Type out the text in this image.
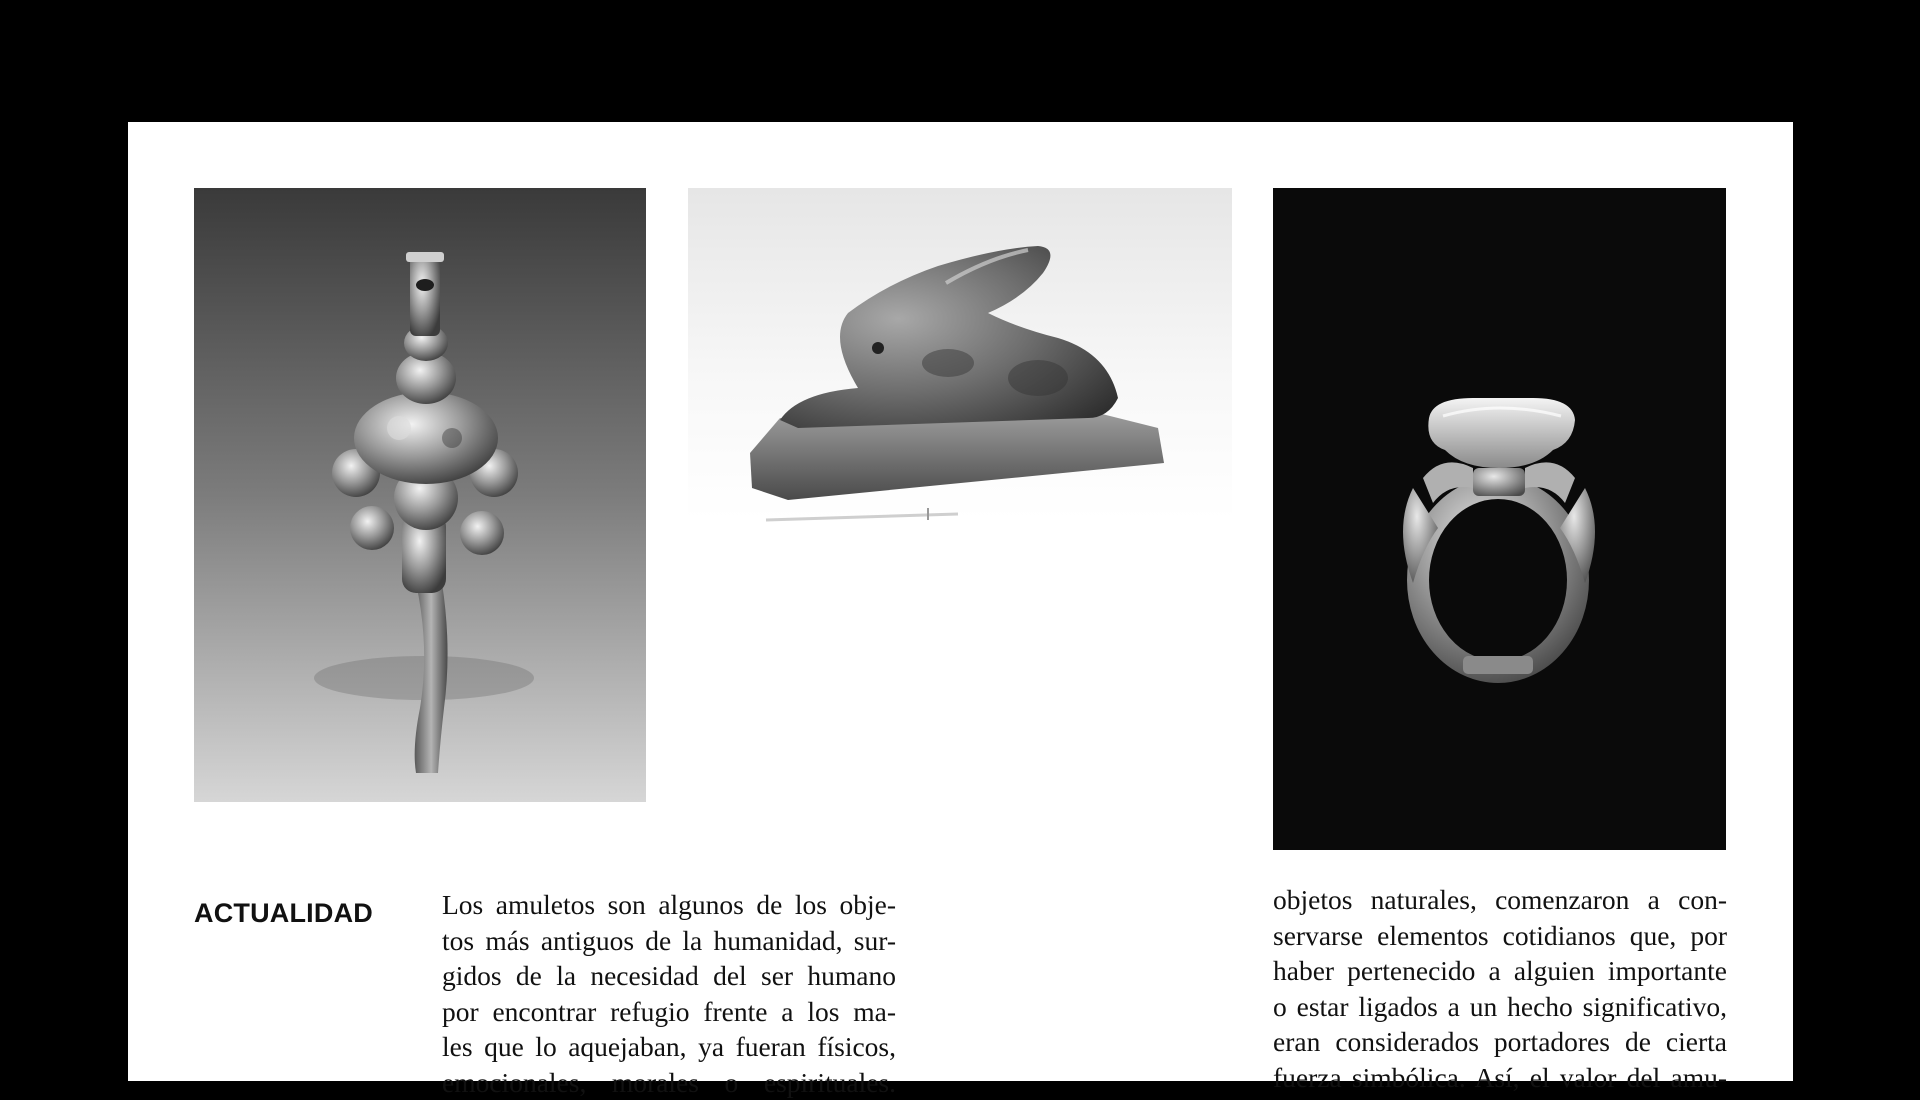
ACTUALIDAD	Los amuletos son algunos de los obje-
tos más antiguos de la humanidad, sur-
gidos de la necesidad del ser humano
por encontrar refugio frente a los ma-
les que lo aquejaban, ya fueran físicos,
emocionales, morales o espirituales.
objetos naturales, comenzaron a con-
servarse elementos cotidianos que, por
haber pertenecido a alguien importante
o estar ligados a un hecho significativo,
eran considerados portadores de cierta
fuerza simbólica. Así, el valor del amu-
